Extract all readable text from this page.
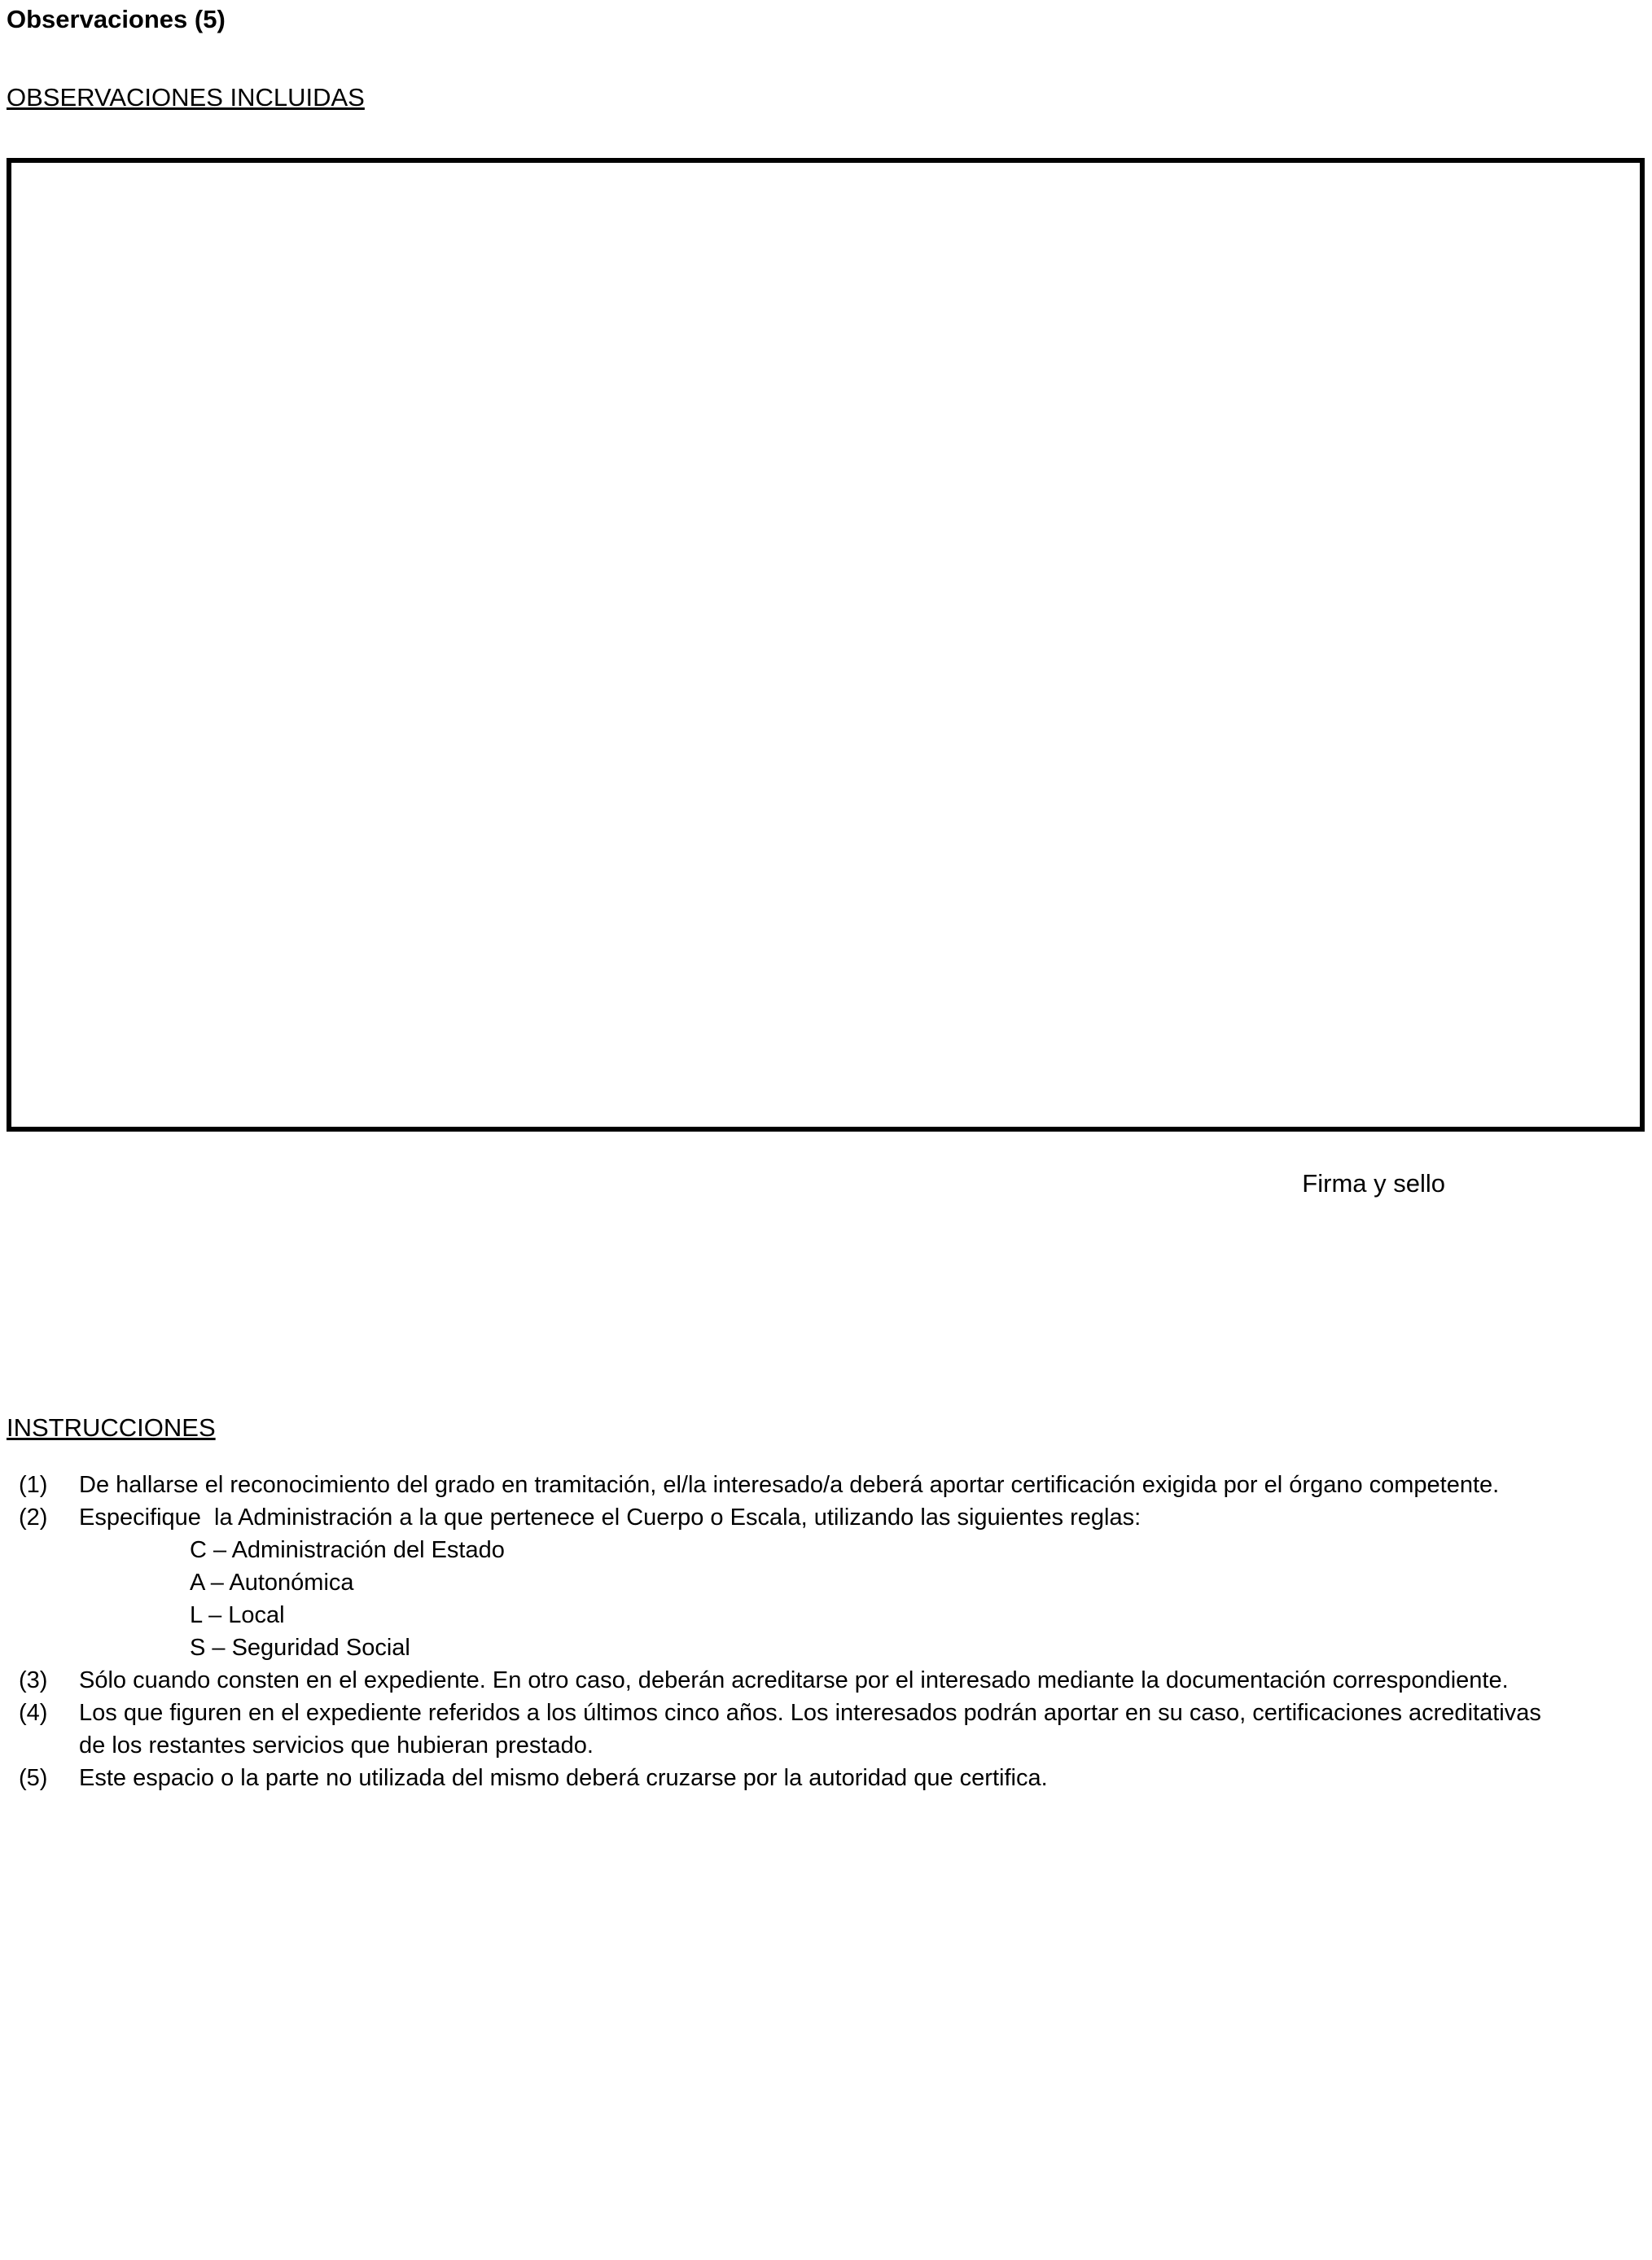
Observaciones (5)
OBSERVACIONES INCLUIDAS
Firma y sello
INSTRUCCIONES
(1)	De hallarse el reconocimiento del grado en tramitación, el/la interesado/a deberá aportar certificación exigida por el órgano competente.
(2)	Especifique  la Administración a la que pertenece el Cuerpo o Escala, utilizando las siguientes reglas:
C – Administración del Estado
A – Autonómica
L – Local
S – Seguridad Social
(3)	Sólo cuando consten en el expediente. En otro caso, deberán acreditarse por el interesado mediante la documentación correspondiente.
(4)	Los que figuren en el expediente referidos a los últimos cinco años. Los interesados podrán aportar en su caso, certificaciones acreditativas
de los restantes servicios que hubieran prestado.
(5)	Este espacio o la parte no utilizada del mismo deberá cruzarse por la autoridad que certifica.
